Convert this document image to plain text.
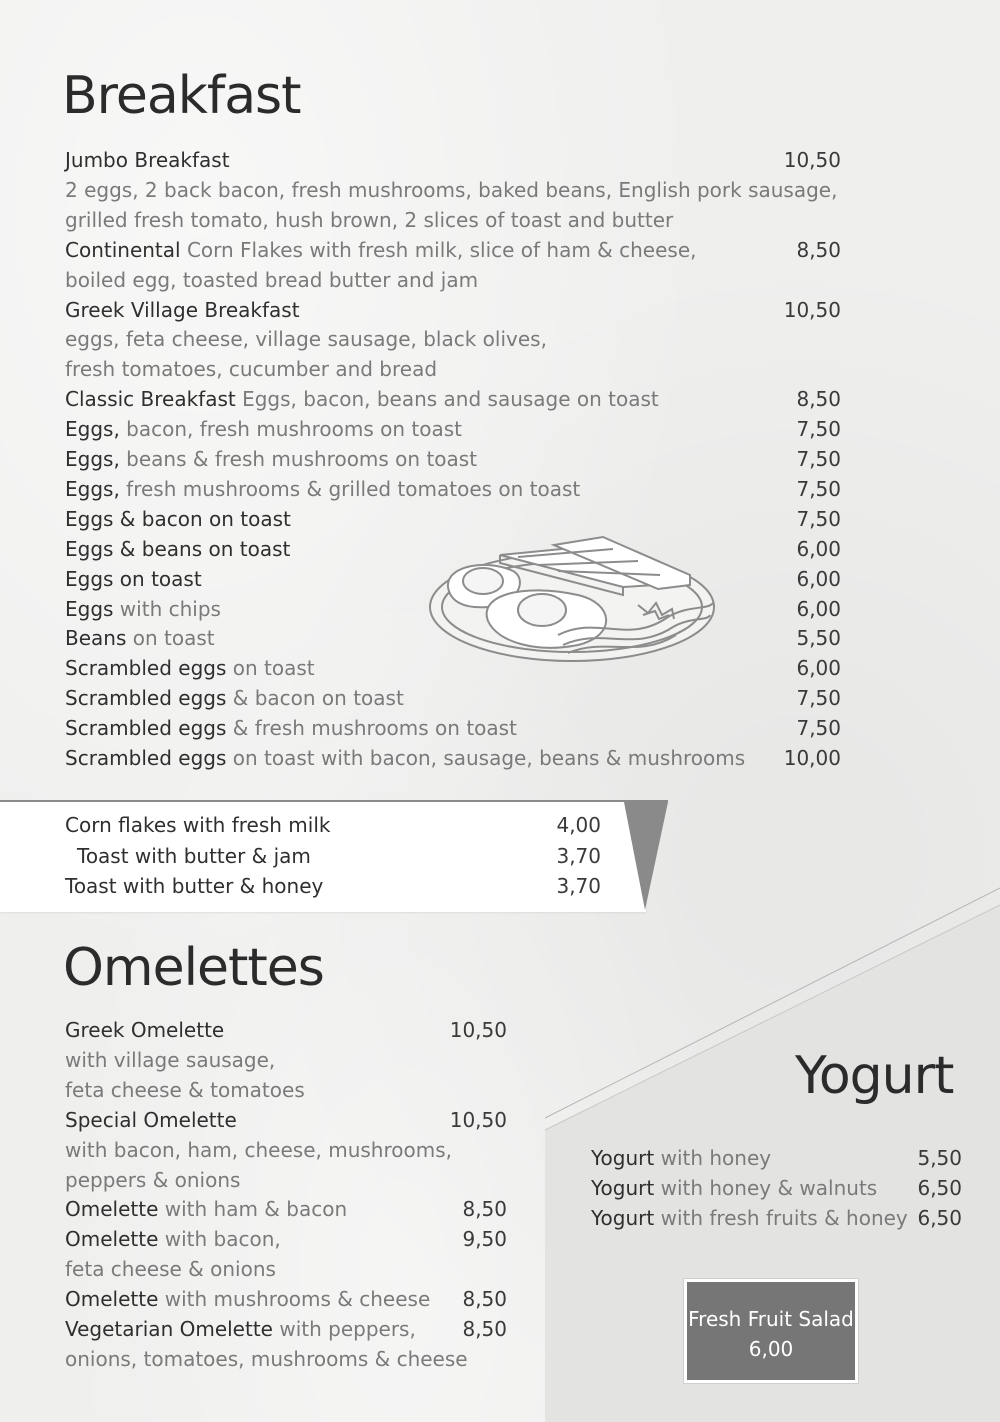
Breakfast
Jumbo Breakfast	10,50
2 eggs, 2 back bacon, fresh mushrooms, baked beans, English pork sausage,
grilled fresh tomato, hush brown, 2 slices of toast and butter
Continental Corn Flakes with fresh milk, slice of ham & cheese,	8,50
boiled egg, toasted bread butter and jam
Greek Village Breakfast	10,50
eggs, feta cheese, village sausage, black olives,
fresh tomatoes, cucumber and bread
Classic Breakfast Eggs, bacon, beans and sausage on toast	8,50
Eggs, bacon, fresh mushrooms on toast	7,50
Eggs, beans & fresh mushrooms on toast	7,50
Eggs, fresh mushrooms & grilled tomatoes on toast	7,50
Eggs & bacon on toast	7,50
Eggs & beans on toast	6,00
Eggs on toast	6,00
Eggs with chips	6,00
Beans on toast	5,50
Scrambled eggs on toast	6,00
Scrambled eggs & bacon on toast	7,50
Scrambled eggs & fresh mushrooms on toast	7,50
Scrambled eggs on toast with bacon, sausage, beans & mushrooms	10,00
Corn flakes with fresh milk	4,00
Toast with butter & jam	3,70
Toast with butter & honey	3,70
Omelettes
Greek Omelette	10,50
with village sausage,
feta cheese & tomatoes
Special Omelette	10,50
with bacon, ham, cheese, mushrooms,
peppers & onions
Omelette with ham & bacon	8,50
Omelette with bacon,	9,50
feta cheese & onions
Omelette with mushrooms & cheese	8,50
Vegetarian Omelette with peppers,	8,50
onions, tomatoes, mushrooms & cheese
Yogurt
Yogurt with honey	5,50
Yogurt with honey & walnuts	6,50
Yogurt with fresh fruits & honey 6,50
Fresh Fruit Salad
6,00
